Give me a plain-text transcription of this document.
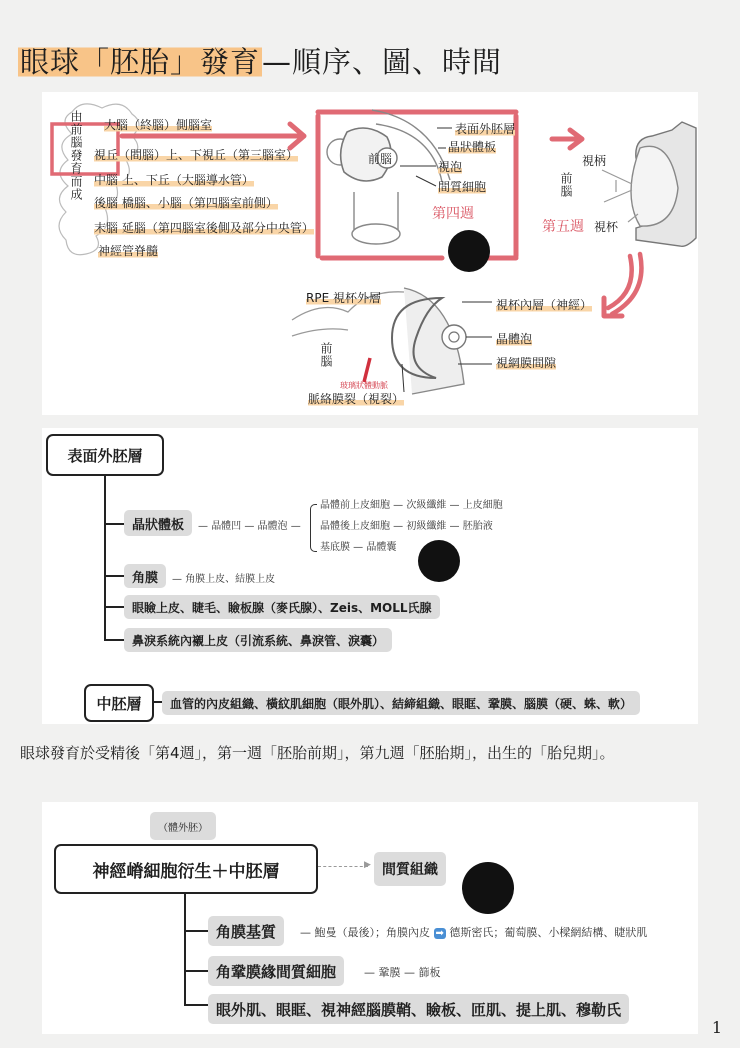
眼球「胚胎」發育—順序、圖、時間
由前腦發育而成 大腦（終腦）側腦室
視丘（間腦）上、下視丘（第三腦室）
中腦 上、下丘（大腦導水管）
後腦 橋腦、小腦（第四腦室前側）
末腦 延腦（第四腦室後側及部分中央管）
神經管脊髓
前腦
表面外胚層
晶狀體板
視泡
間質細胞
第四週
視柄
前腦
第五週 視杯
RPE 視杯外層	視杯內層（神經）
晶體泡
視網膜間隙
前腦
玻璃狀體動脈
脈絡膜裂（視裂）
表面外胚層
晶狀體板	— 晶體凹 — 晶體泡 —
晶體前上皮細胞 — 次級纖維 — 上皮細胞
晶體後上皮細胞 — 初級纖維 — 胚胎液
基底膜 — 晶體囊
角膜	— 角膜上皮、結膜上皮
眼瞼上皮、睫毛、瞼板腺（麥氏腺）、Zeis、MOLL氏腺
鼻淚系統內襯上皮（引流系統、鼻淚管、淚囊）
中胚層	血管的內皮組織、橫紋肌細胞（眼外肌）、結締組織、眼眶、鞏膜、腦膜（硬、蛛、軟）
眼球發育於受精後「第4週」，第一週「胚胎前期」，第九週「胚胎期」，出生的「胎兒期」。
（體外胚）
神經嵴細胞衍生＋中胚層	▶ 間質組織
角膜基質	— 鮑曼（最後）；角膜內皮 ➡ 德斯密氏；葡萄膜、小樑網結構、睫狀肌
角鞏膜緣間質細胞	— 鞏膜 — 篩板
眼外肌、眼眶、視神經腦膜鞘、瞼板、匝肌、提上肌、穆勒氏
1
